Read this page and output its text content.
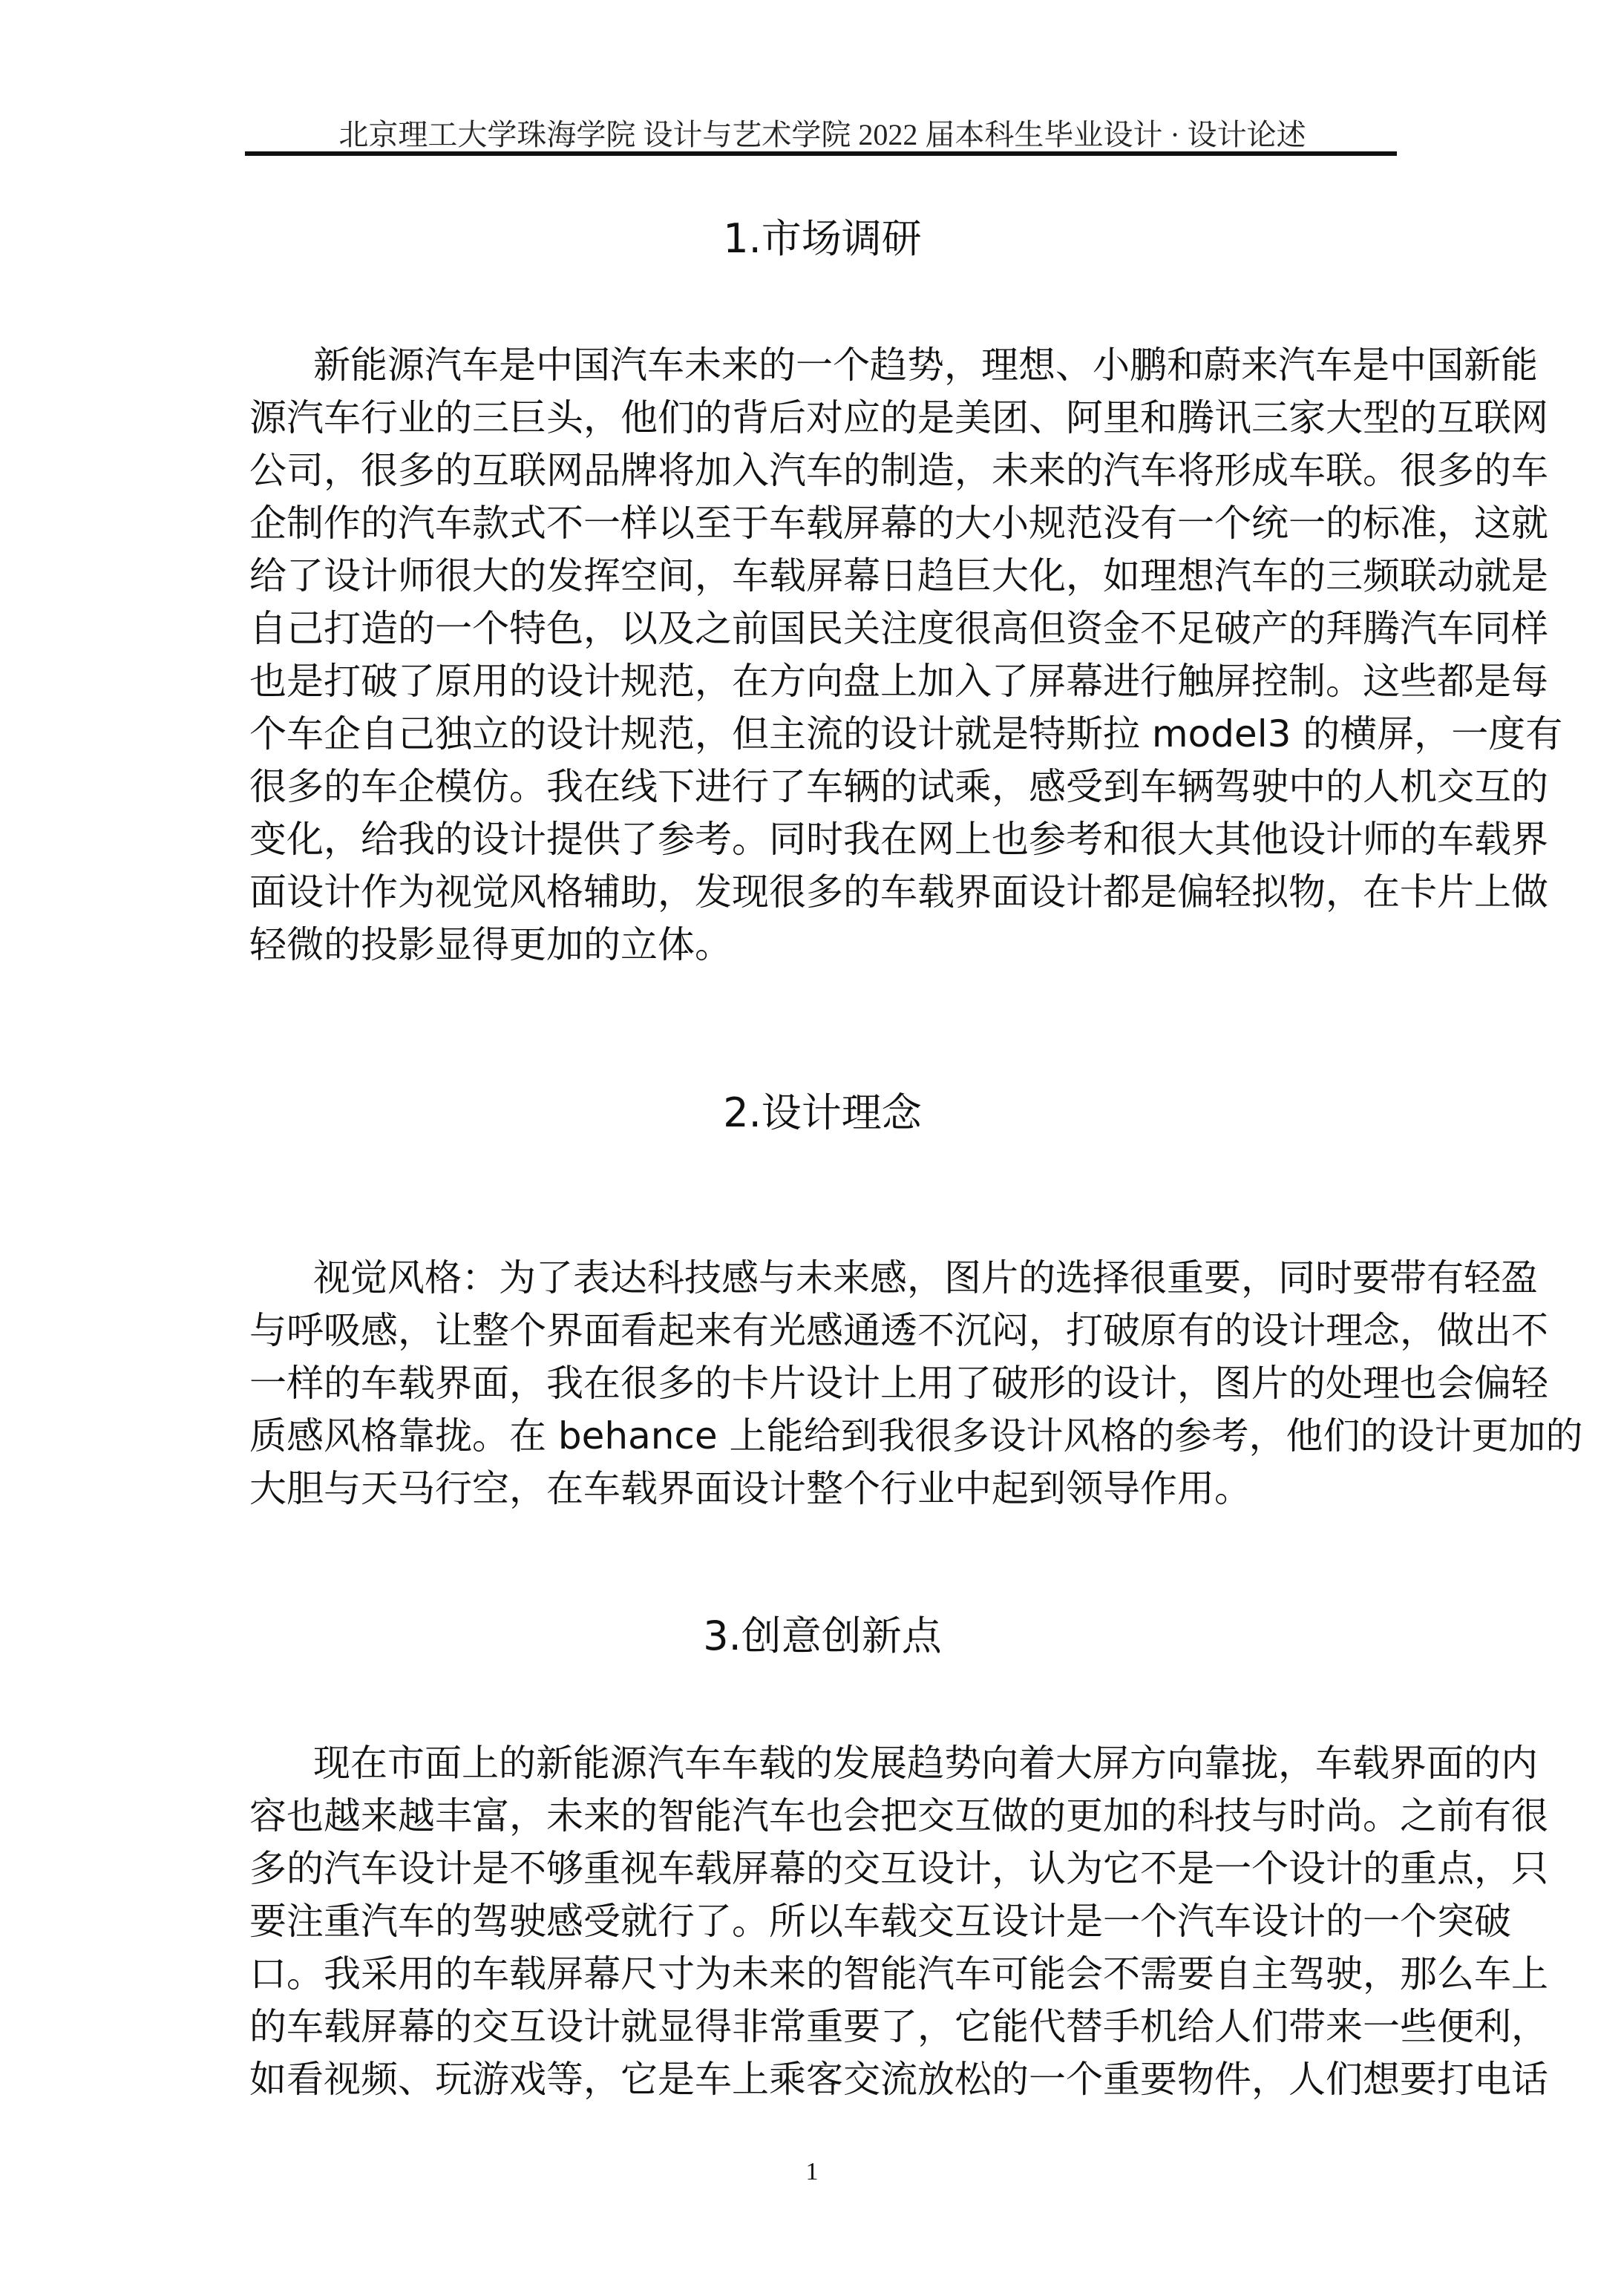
北京理工大学珠海学院 设计与艺术学院 2022 届本科生毕业设计 · 设计论述
1.市场调研
新能源汽车是中国汽车未来的一个趋势，理想、小鹏和蔚来汽车是中国新能
源汽车行业的三巨头，他们的背后对应的是美团、阿里和腾讯三家大型的互联网
公司，很多的互联网品牌将加入汽车的制造，未来的汽车将形成车联。很多的车
企制作的汽车款式不一样以至于车载屏幕的大小规范没有一个统一的标准，这就
给了设计师很大的发挥空间，车载屏幕日趋巨大化，如理想汽车的三频联动就是
自己打造的一个特色，以及之前国民关注度很高但资金不足破产的拜腾汽车同样
也是打破了原用的设计规范，在方向盘上加入了屏幕进行触屏控制。这些都是每
个车企自己独立的设计规范，但主流的设计就是特斯拉 model3 的横屏，一度有
很多的车企模仿。我在线下进行了车辆的试乘，感受到车辆驾驶中的人机交互的
变化，给我的设计提供了参考。同时我在网上也参考和很大其他设计师的车载界
面设计作为视觉风格辅助，发现很多的车载界面设计都是偏轻拟物，在卡片上做
轻微的投影显得更加的立体。
2.设计理念
视觉风格：为了表达科技感与未来感，图片的选择很重要，同时要带有轻盈
与呼吸感，让整个界面看起来有光感通透不沉闷，打破原有的设计理念，做出不
一样的车载界面，我在很多的卡片设计上用了破形的设计，图片的处理也会偏轻
质感风格靠拢。在 behance 上能给到我很多设计风格的参考，他们的设计更加的
大胆与天马行空，在车载界面设计整个行业中起到领导作用。
3.创意创新点
现在市面上的新能源汽车车载的发展趋势向着大屏方向靠拢，车载界面的内
容也越来越丰富，未来的智能汽车也会把交互做的更加的科技与时尚。之前有很
多的汽车设计是不够重视车载屏幕的交互设计，认为它不是一个设计的重点，只
要注重汽车的驾驶感受就行了。所以车载交互设计是一个汽车设计的一个突破
口。我采用的车载屏幕尺寸为未来的智能汽车可能会不需要自主驾驶，那么车上
的车载屏幕的交互设计就显得非常重要了，它能代替手机给人们带来一些便利，
如看视频、玩游戏等，它是车上乘客交流放松的一个重要物件，人们想要打电话
1
